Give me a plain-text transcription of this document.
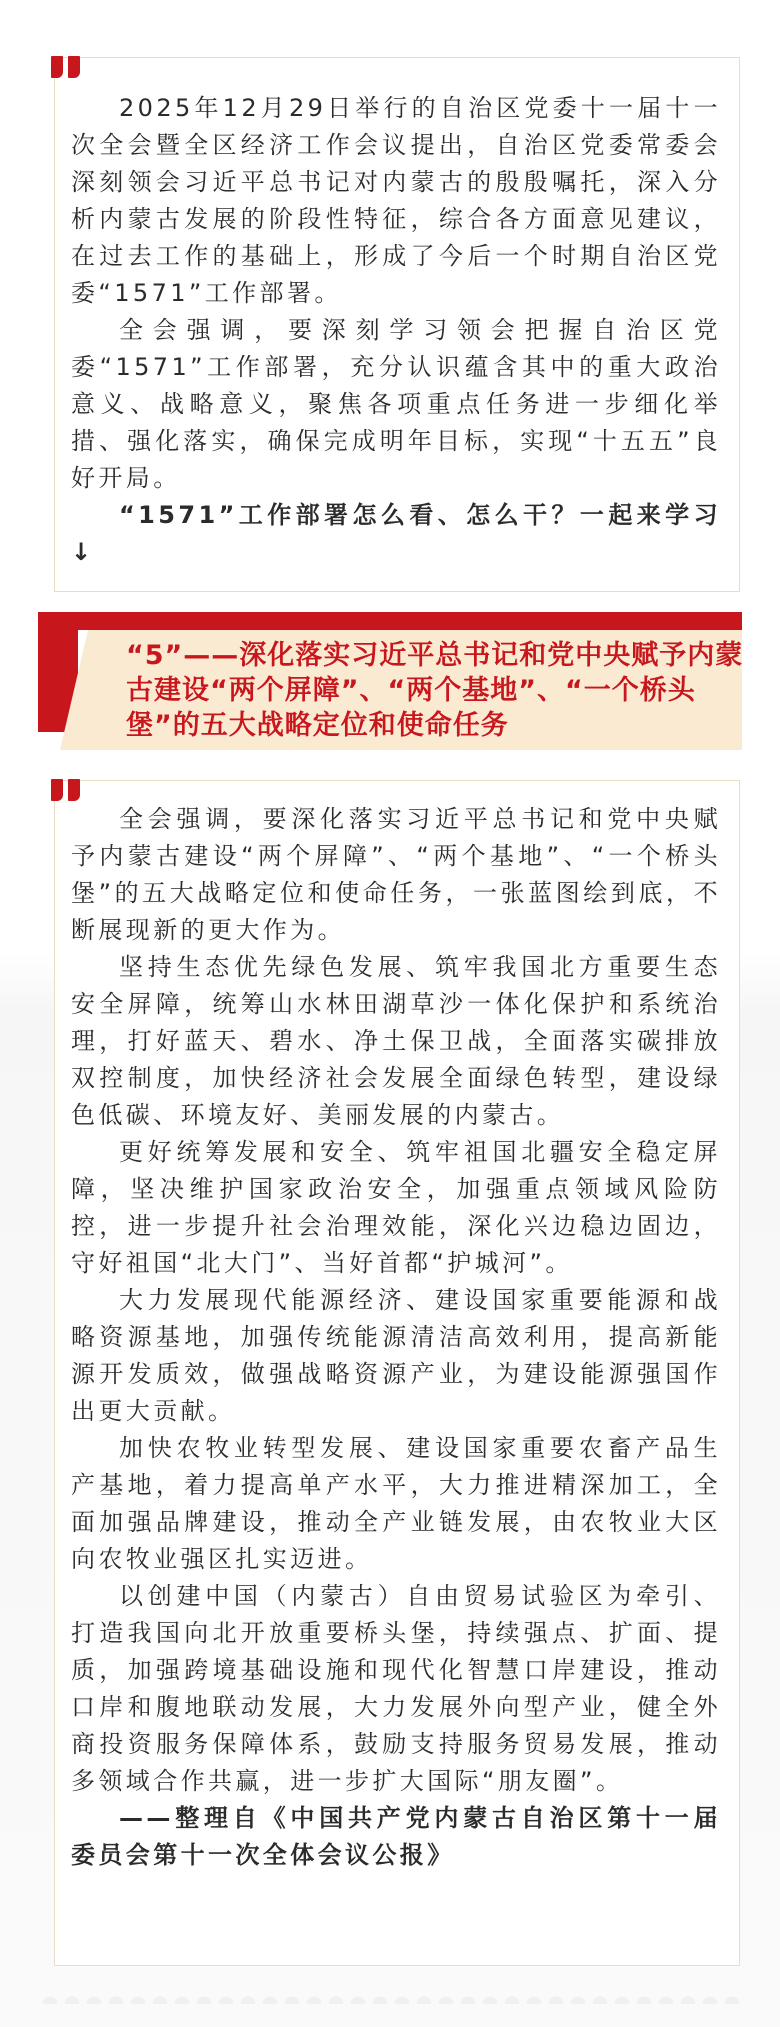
2025年12月29日举行的自治区党委十一届十一次全会暨全区经济工作会议提出，自治区党委常委会深刻领会习近平总书记对内蒙古的殷殷嘱托，深入分析内蒙古发展的阶段性特征，综合各方面意见建议，在过去工作的基础上，形成了今后一个时期自治区党委“1571”工作部署。

全会强调，要深刻学习领会把握自治区党委“1571”工作部署，充分认识蕴含其中的重大政治意义、战略意义，聚焦各项重点任务进一步细化举措、强化落实，确保完成明年目标，实现“十五五”良好开局。

“1571”工作部署怎么看、怎么干？一起来学习↓

“5”——深化落实习近平总书记和党中央赋予内蒙古建设“两个屏障”、“两个基地”、“一个桥头堡”的五大战略定位和使命任务

全会强调，要深化落实习近平总书记和党中央赋予内蒙古建设“两个屏障”、“两个基地”、“一个桥头堡”的五大战略定位和使命任务，一张蓝图绘到底，不断展现新的更大作为。

坚持生态优先绿色发展、筑牢我国北方重要生态安全屏障，统筹山水林田湖草沙一体化保护和系统治理，打好蓝天、碧水、净土保卫战，全面落实碳排放双控制度，加快经济社会发展全面绿色转型，建设绿色低碳、环境友好、美丽发展的内蒙古。

更好统筹发展和安全、筑牢祖国北疆安全稳定屏障，坚决维护国家政治安全，加强重点领域风险防控，进一步提升社会治理效能，深化兴边稳边固边，守好祖国“北大门”、当好首都“护城河”。

大力发展现代能源经济、建设国家重要能源和战略资源基地，加强传统能源清洁高效利用，提高新能源开发质效，做强战略资源产业，为建设能源强国作出更大贡献。

加快农牧业转型发展、建设国家重要农畜产品生产基地，着力提高单产水平，大力推进精深加工，全面加强品牌建设，推动全产业链发展，由农牧业大区向农牧业强区扎实迈进。

以创建中国（内蒙古）自由贸易试验区为牵引、打造我国向北开放重要桥头堡，持续强点、扩面、提质，加强跨境基础设施和现代化智慧口岸建设，推动口岸和腹地联动发展，大力发展外向型产业，健全外商投资服务保障体系，鼓励支持服务贸易发展，推动多领域合作共赢，进一步扩大国际“朋友圈”。

——整理自《中国共产党内蒙古自治区第十一届委员会第十一次全体会议公报》
